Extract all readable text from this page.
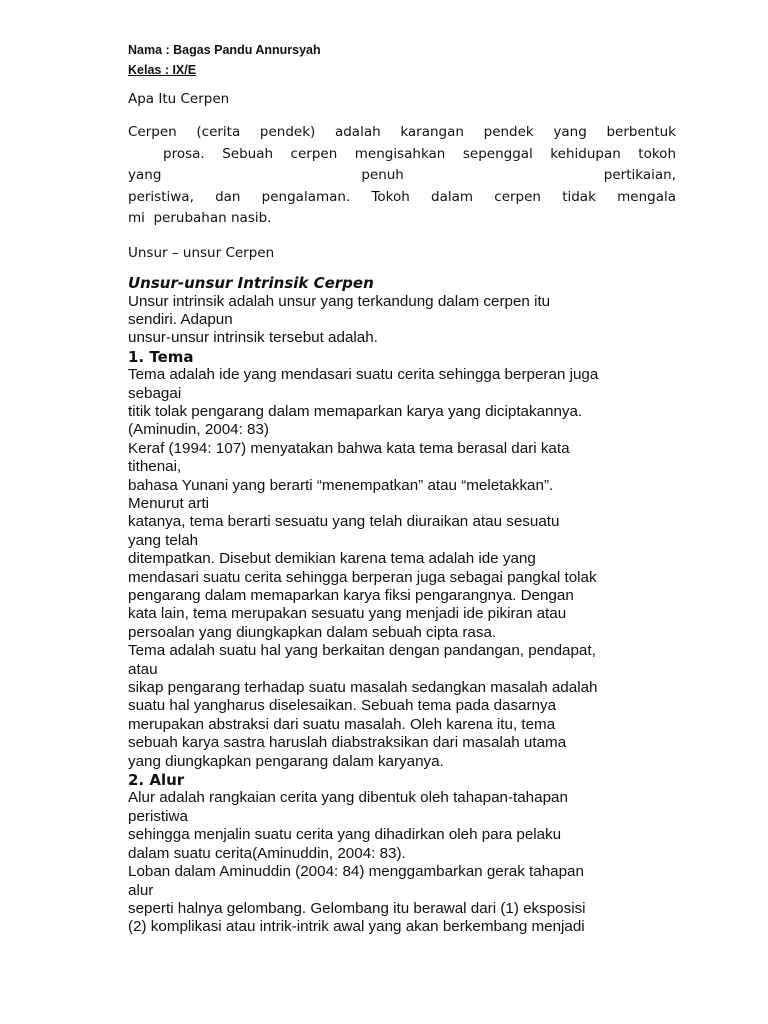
Nama : Bagas Pandu Annursyah

Kelas : IX/E

Apa Itu Cerpen

Cerpen (cerita pendek) adalah karangan pendek yang berbentuk
prosa. Sebuah cerpen mengisahkan sepenggal kehidupan tokoh
yang penuh pertikaian,
peristiwa, dan pengalaman. Tokoh dalam cerpen tidak mengala
mi  perubahan nasib.

Unsur – unsur Cerpen

Unsur-unsur Intrinsik Cerpen
Unsur intrinsik adalah unsur yang terkandung dalam cerpen itu
sendiri. Adapun
unsur-unsur intrinsik tersebut adalah.
1. Tema
Tema adalah ide yang mendasari suatu cerita sehingga berperan juga
sebagai
titik tolak pengarang dalam memaparkan karya yang diciptakannya.
(Aminudin, 2004: 83)
Keraf (1994: 107) menyatakan bahwa kata tema berasal dari kata
tithenai,
bahasa Yunani yang berarti “menempatkan” atau “meletakkan”.
Menurut arti
katanya, tema berarti sesuatu yang telah diuraikan atau sesuatu
yang telah
ditempatkan. Disebut demikian karena tema adalah ide yang
mendasari suatu cerita sehingga berperan juga sebagai pangkal tolak
pengarang dalam memaparkan karya fiksi pengarangnya. Dengan
kata lain, tema merupakan sesuatu yang menjadi ide pikiran atau
persoalan yang diungkapkan dalam sebuah cipta rasa.
Tema adalah suatu hal yang berkaitan dengan pandangan, pendapat,
atau
sikap pengarang terhadap suatu masalah sedangkan masalah adalah
suatu hal yangharus diselesaikan. Sebuah tema pada dasarnya
merupakan abstraksi dari suatu masalah. Oleh karena itu, tema
sebuah karya sastra haruslah diabstraksikan dari masalah utama
yang diungkapkan pengarang dalam karyanya.
2. Alur
Alur adalah rangkaian cerita yang dibentuk oleh tahapan-tahapan
peristiwa
sehingga menjalin suatu cerita yang dihadirkan oleh para pelaku
dalam suatu cerita(Aminuddin, 2004: 83).
Loban dalam Aminuddin (2004: 84) menggambarkan gerak tahapan
alur
seperti halnya gelombang. Gelombang itu berawal dari (1) eksposisi
(2) komplikasi atau intrik-intrik awal yang akan berkembang menjadi
